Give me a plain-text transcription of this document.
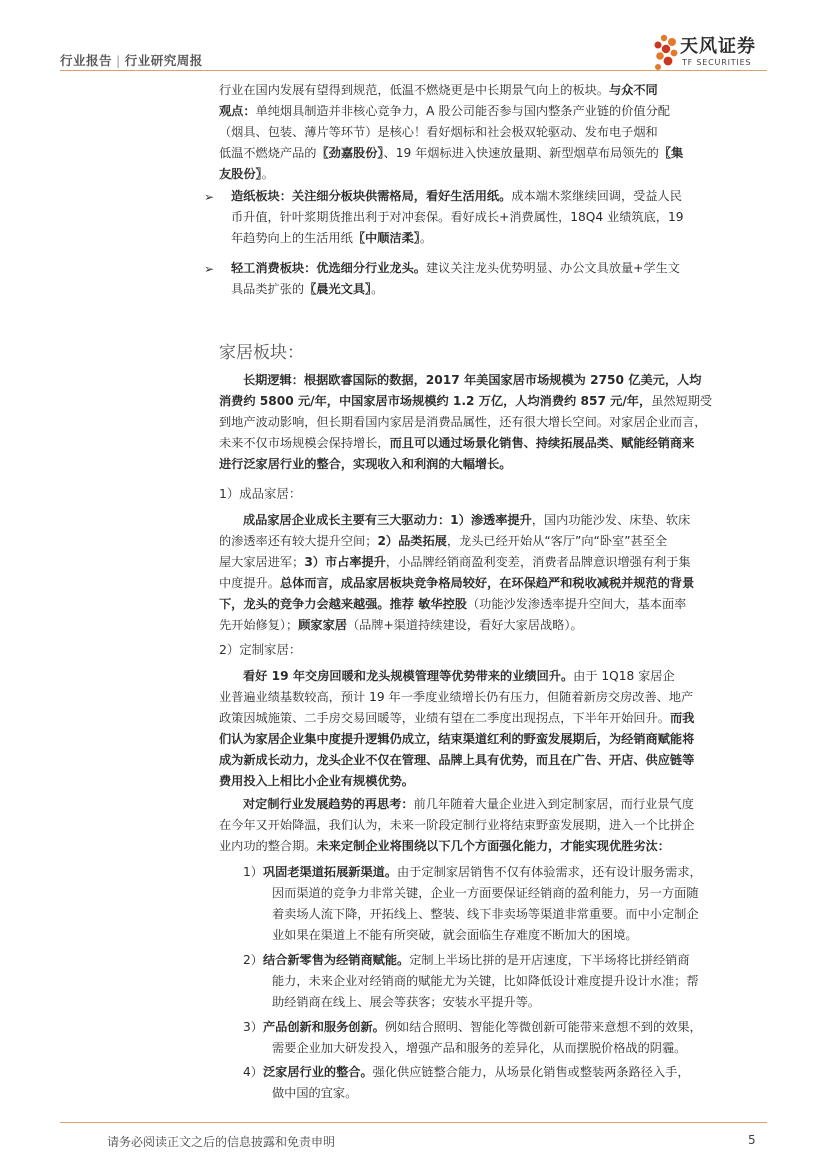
行业报告 | 行业研究周报
天风证券
TF SECURITIES
行业在国内发展有望得到规范，低温不燃烧更是中长期景气向上的板块。与众不同
观点：单纯烟具制造并非核心竞争力，A 股公司能否参与国内整条产业链的价值分配
（烟具、包装、薄片等环节）是核心！看好烟标和社会极双轮驱动、发布电子烟和
低温不燃烧产品的〖劲嘉股份〗、19 年烟标进入快速放量期、新型烟草布局领先的〖集
友股份〗。
➢ 造纸板块：关注细分板块供需格局，看好生活用纸。成本端木浆继续回调，受益人民
币升值，针叶浆期货推出利于对冲套保。看好成长+消费属性，18Q4 业绩筑底，19
年趋势向上的生活用纸〖中顺洁柔〗。
➢ 轻工消费板块：优选细分行业龙头。建议关注龙头优势明显、办公文具放量+学生文
具品类扩张的〖晨光文具〗。
家居板块：
长期逻辑：根据欧睿国际的数据，2017 年美国家居市场规模为 2750 亿美元，人均
消费约 5800 元/年，中国家居市场规模约 1.2 万亿，人均消费约 857 元/年，虽然短期受
到地产波动影响，但长期看国内家居是消费品属性，还有很大增长空间。对家居企业而言，
未来不仅市场规模会保持增长，而且可以通过场景化销售、持续拓展品类、赋能经销商来
进行泛家居行业的整合，实现收入和利润的大幅增长。
1）成品家居：
成品家居企业成长主要有三大驱动力：1）渗透率提升，国内功能沙发、床垫、软床
的渗透率还有较大提升空间；2）品类拓展，龙头已经开始从“客厅”向“卧室”甚至全
屋大家居进军；3）市占率提升，小品牌经销商盈利变差，消费者品牌意识增强有利于集
中度提升。总体而言，成品家居板块竞争格局较好，在环保趋严和税收减税并规范的背景
下，龙头的竞争力会越来越强。推荐 敏华控股（功能沙发渗透率提升空间大，基本面率
先开始修复）；顾家家居（品牌+渠道持续建设，看好大家居战略）。
2）定制家居：
看好 19 年交房回暖和龙头规模管理等优势带来的业绩回升。由于 1Q18 家居企
业普遍业绩基数较高，预计 19 年一季度业绩增长仍有压力，但随着新房交房改善、地产
政策因城施策、二手房交易回暖等，业绩有望在二季度出现拐点，下半年开始回升。而我
们认为家居企业集中度提升逻辑仍成立，结束渠道红利的野蛮发展期后，为经销商赋能将
成为新成长动力，龙头企业不仅在管理、品牌上具有优势，而且在广告、开店、供应链等
费用投入上相比小企业有规模优势。
对定制行业发展趋势的再思考：前几年随着大量企业进入到定制家居，而行业景气度
在今年又开始降温，我们认为，未来一阶段定制行业将结束野蛮发展期，进入一个比拼企
业内功的整合期。未来定制企业将围绕以下几个方面强化能力，才能实现优胜劣汰：
1）巩固老渠道拓展新渠道。由于定制家居销售不仅有体验需求，还有设计服务需求，
因而渠道的竞争力非常关键，企业一方面要保证经销商的盈利能力，另一方面随
着卖场人流下降，开拓线上、整装、线下非卖场等渠道非常重要。而中小定制企
业如果在渠道上不能有所突破，就会面临生存难度不断加大的困境。
2）结合新零售为经销商赋能。定制上半场比拼的是开店速度，下半场将比拼经销商
能力，未来企业对经销商的赋能尤为关键，比如降低设计难度提升设计水准；帮
助经销商在线上、展会等获客；安装水平提升等。
3）产品创新和服务创新。例如结合照明、智能化等微创新可能带来意想不到的效果，
需要企业加大研发投入，增强产品和服务的差异化，从而摆脱价格战的阴霾。
4）泛家居行业的整合。强化供应链整合能力，从场景化销售或整装两条路径入手，
做中国的宜家。
请务必阅读正文之后的信息披露和免责申明	5
